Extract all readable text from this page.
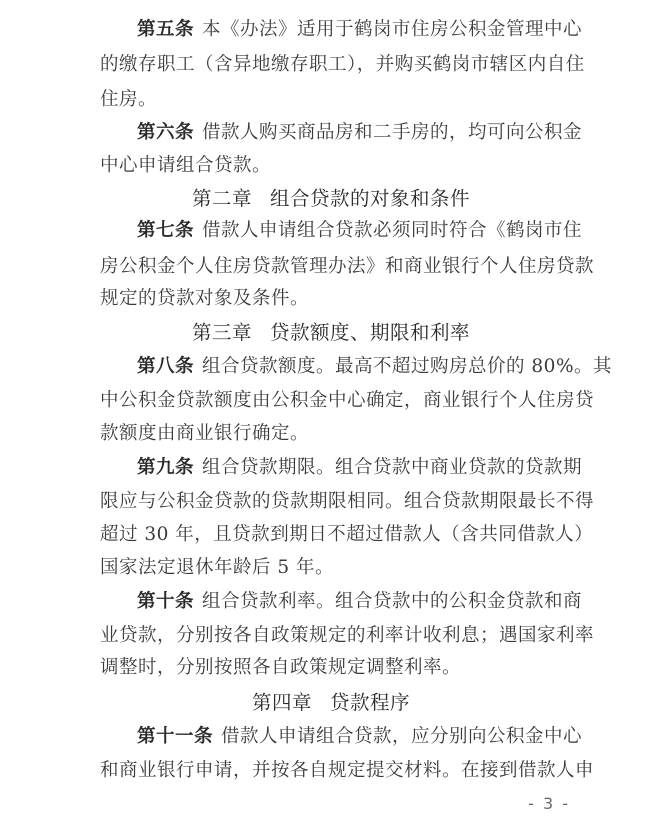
第五条 本《办法》适用于鹤岗市住房公积金管理中心
的缴存职工（含异地缴存职工），并购买鹤岗市辖区内自住
住房。
第六条 借款人购买商品房和二手房的，均可向公积金
中心申请组合贷款。
第二章 组合贷款的对象和条件
第七条 借款人申请组合贷款必须同时符合《鹤岗市住
房公积金个人住房贷款管理办法》和商业银行个人住房贷款
规定的贷款对象及条件。
第三章 贷款额度、期限和利率
第八条 组合贷款额度。最高不超过购房总价的 80%。其
中公积金贷款额度由公积金中心确定，商业银行个人住房贷
款额度由商业银行确定。
第九条 组合贷款期限。组合贷款中商业贷款的贷款期
限应与公积金贷款的贷款期限相同。组合贷款期限最长不得
超过 30 年，且贷款到期日不超过借款人（含共同借款人）
国家法定退休年龄后 5 年。
第十条 组合贷款利率。组合贷款中的公积金贷款和商
业贷款，分别按各自政策规定的利率计收利息；遇国家利率
调整时，分别按照各自政策规定调整利率。
第四章 贷款程序
第十一条 借款人申请组合贷款，应分别向公积金中心
和商业银行申请，并按各自规定提交材料。在接到借款人申
- 3 -
